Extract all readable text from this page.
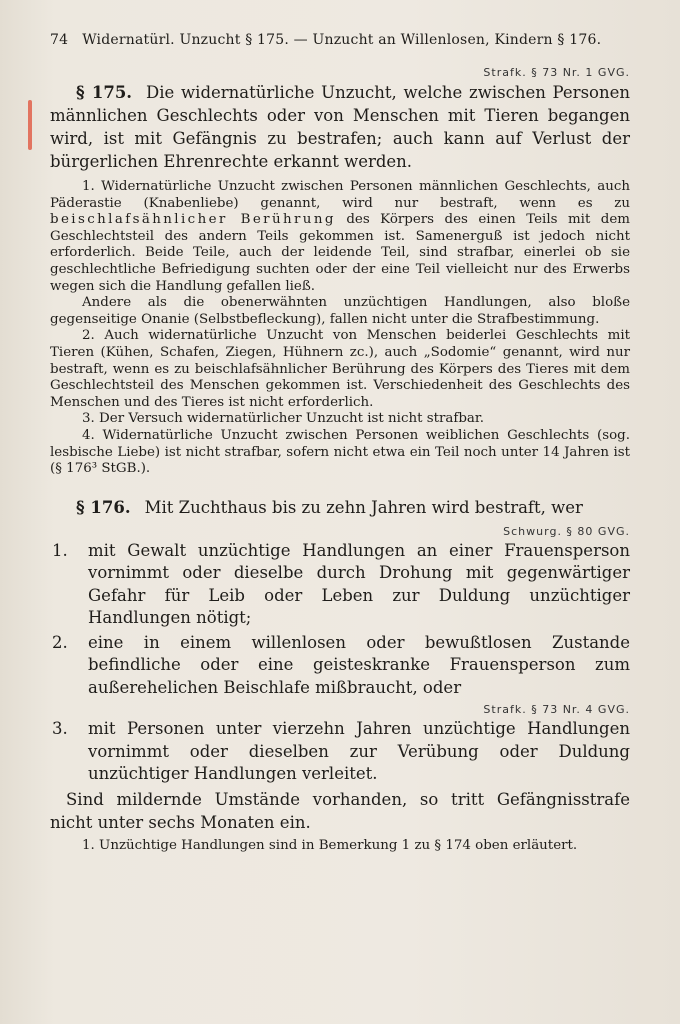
74 Widernatürl. Unzucht § 175. — Unzucht an Willenlosen, Kindern § 176.
Strafk. § 73 Nr. 1 GVG.

§ 175. Die widernatürliche Unzucht, welche zwischen Personen männlichen Geschlechts oder von Menschen mit Tieren begangen wird, ist mit Gefängnis zu bestrafen; auch kann auf Verlust der bürgerlichen Ehrenrechte erkannt werden.

1. Widernatürliche Unzucht zwischen Personen männlichen Geschlechts, auch Päderastie (Knabenliebe) genannt, wird nur bestraft, wenn es zu beischlafsähnlicher Berührung des Körpers des einen Teils mit dem Geschlechtsteil des andern Teils gekommen ist. Samenerguß ist jedoch nicht erforderlich. Beide Teile, auch der leidende Teil, sind strafbar, einerlei ob sie geschlechtliche Befriedigung suchten oder der eine Teil vielleicht nur des Erwerbs wegen sich die Handlung gefallen ließ.

Andere als die obenerwähnten unzüchtigen Handlungen, also bloße gegenseitige Onanie (Selbstbefleckung), fallen nicht unter die Strafbestimmung.

2. Auch widernatürliche Unzucht von Menschen beiderlei Geschlechts mit Tieren (Kühen, Schafen, Ziegen, Hühnern zc.), auch „Sodomie“ genannt, wird nur bestraft, wenn es zu beischlafsähnlicher Berührung des Körpers des Tieres mit dem Geschlechtsteil des Menschen gekommen ist. Verschiedenheit des Geschlechts des Menschen und des Tieres ist nicht erforderlich.

3. Der Versuch widernatürlicher Unzucht ist nicht strafbar.

4. Widernatürliche Unzucht zwischen Personen weiblichen Geschlechts (sog. lesbische Liebe) ist nicht strafbar, sofern nicht etwa ein Teil noch unter 14 Jahren ist (§ 176³ StGB.).

§ 176. Mit Zuchthaus bis zu zehn Jahren wird bestraft, wer

Schwurg. § 80 GVG.
1.	mit Gewalt unzüchtige Handlungen an einer Frauensperson vornimmt oder dieselbe durch Drohung mit gegenwärtiger Gefahr für Leib oder Leben zur Duldung unzüchtiger Handlungen nötigt;
2.	eine in einem willenlosen oder bewußtlosen Zustande befindliche oder eine geisteskranke Frauensperson zum außerehelichen Beischlafe mißbraucht, oder
Strafk. § 73 Nr. 4 GVG.
3.	mit Personen unter vierzehn Jahren unzüchtige Handlungen vornimmt oder dieselben zur Verübung oder Duldung unzüchtiger Handlungen verleitet.

Sind mildernde Umstände vorhanden, so tritt Gefängnisstrafe nicht unter sechs Monaten ein.

1. Unzüchtige Handlungen sind in Bemerkung 1 zu § 174 oben erläutert.
